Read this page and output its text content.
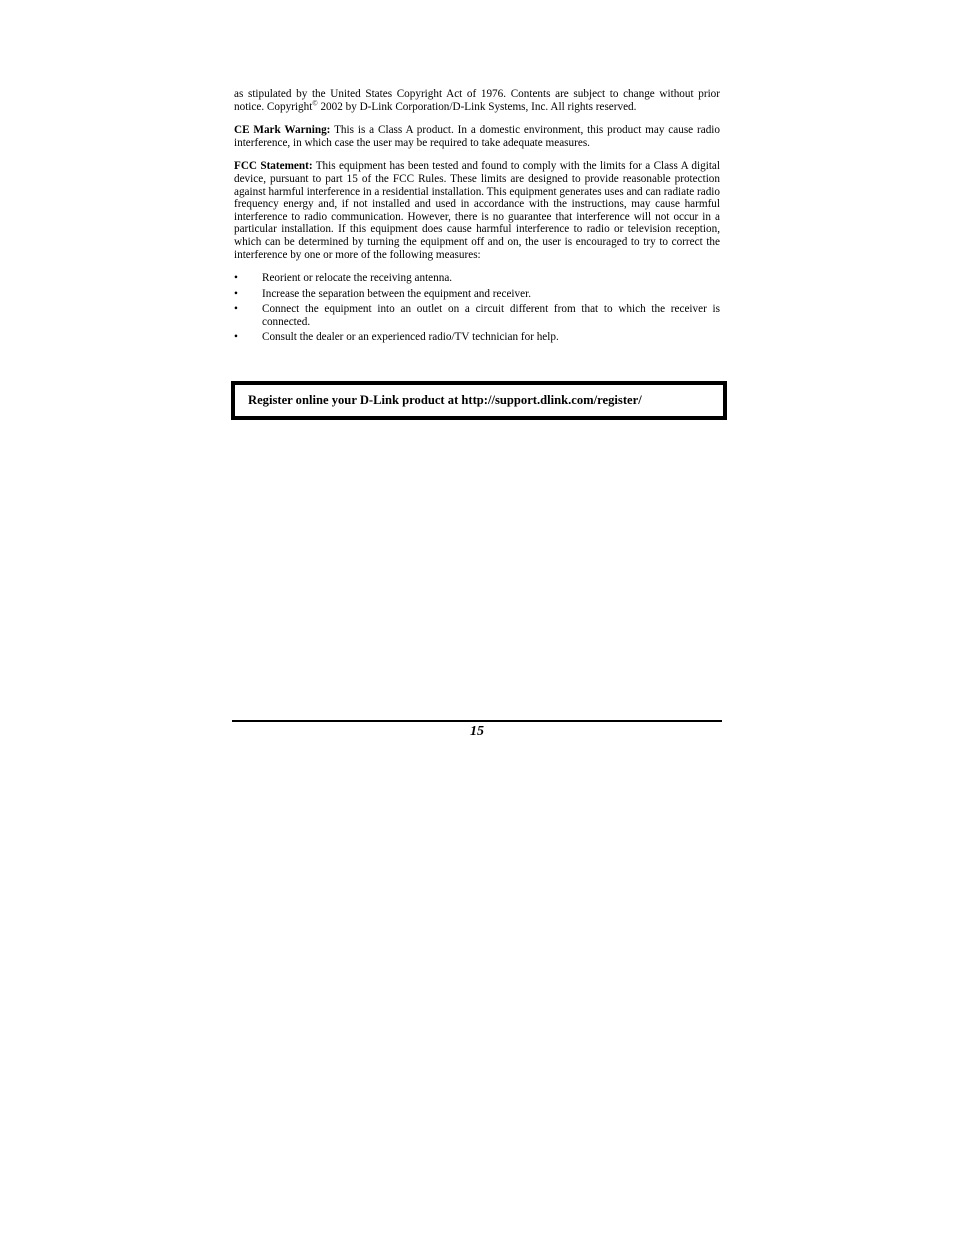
as stipulated by the United States Copyright Act of 1976. Contents are subject to change without prior notice. Copyright© 2002 by D-Link Corporation/D-Link Systems, Inc. All rights reserved.

CE Mark Warning: This is a Class A product. In a domestic environment, this product may cause radio interference, in which case the user may be required to take adequate measures.

FCC Statement: This equipment has been tested and found to comply with the limits for a Class A digital device, pursuant to part 15 of the FCC Rules. These limits are designed to provide reasonable protection against harmful interference in a residential installation. This equipment generates uses and can radiate radio frequency energy and, if not installed and used in accordance with the instructions, may cause harmful interference to radio communication. However, there is no guarantee that interference will not occur in a particular installation. If this equipment does cause harmful interference to radio or television reception, which can be determined by turning the equipment off and on, the user is encouraged to try to correct the interference by one or more of the following measures:

• Reorient or relocate the receiving antenna.
• Increase the separation between the equipment and receiver.
• Connect the equipment into an outlet on a circuit different from that to which the receiver is connected.
• Consult the dealer or an experienced radio/TV technician for help.
Register online your D-Link product at http://support.dlink.com/register/
15
